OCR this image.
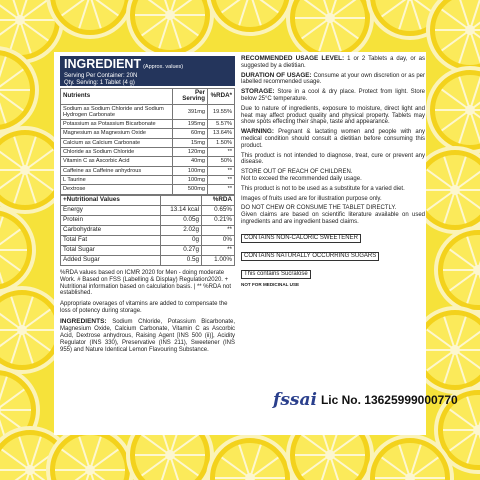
INGREDIENT (Approx. values)
Serving Per Container: 20N
Qty. Serving: 1 Tablet (4 g)
Nutrients	Per Serving	%RDA*
Sodium as Sodium Chloride and Sodium Hydrogen Carbonate	391mg	19.55%
Potassium as Potassium Bicarbonate	195mg	5.57%
Magnesium as Magnesium Oxide	60mg	13.64%
Calcium as Calcium Carbonate	15mg	1.50%
Chloride as Sodium Chloride	120mg	**
Vitamin C as Ascorbic Acid	40mg	50%
Caffeine as Caffeine anhydrous	100mg	**
L Taurine	100mg	**
Dextrose	500mg	**
+Nutritional Values		%RDA
Energy	13.14 kcal	0.65%
Protein	0.05g	0.21%
Carbohydrate	2.02g	**
Total Fat	0g	0%
Total Sugar	0.27g	**
Added Sugar	0.5g	1.00%
%RDA values based on ICMR 2020 for Men - doing moderate Work. # Based on FSS (Labelling & Display) Regulation2020. + Nutritional information based on calculation basis. | ** %RDA not established.
Appropriate overages of vitamins are added to compensate the loss of potency during storage.
INGREDIENTS: Sodium Chloride, Potassium Bicarbonate, Magnesium Oxide, Calcium Carbonate, Vitamin C as Ascorbic Acid, Dextrose anhydrous, Raising Agent [INS 500 (ii)], Acidity Regulator (INS 330), Preservative (INS 211), Sweetener (INS 955) and Nature Identical Lemon Flavouring Substance.
RECOMMENDED USAGE LEVEL: 1 or 2 Tablets a day, or as suggested by a dietitian.
DURATION OF USAGE: Consume at your own discretion or as per labelled recommended usage.
STORAGE: Store in a cool & dry place. Protect from light. Store below 25°C temperature.
Due to nature of ingredients, exposure to moisture, direct light and heat may affect product quality and physical property. Tablets may show spots effecting their shape, taste and appearance.
WARNING: Pregnant & lactating women and people with any medical condition should consult a dietitian before consuming this product.
This product is not intended to diagnose, treat, cure or prevent any disease.
STORE OUT OF REACH OF CHILDREN.
Not to exceed the recommended daily usage.
This product is not to be used as a substitute for a varied diet.
Images of fruits used are for illustration purpose only.
DO NOT CHEW OR CONSUME THE TABLET DIRECTLY.
Given claims are based on scientific literature available on used ingredients and are ingredient based claims.
CONTAINS NON-CALORIC SWEETENER
CONTAINS NATURALLY OCCURRING SUGARS
This contains Sucralose
NOT FOR MEDICINAL USE
fssai Lic No. 13625999000770
